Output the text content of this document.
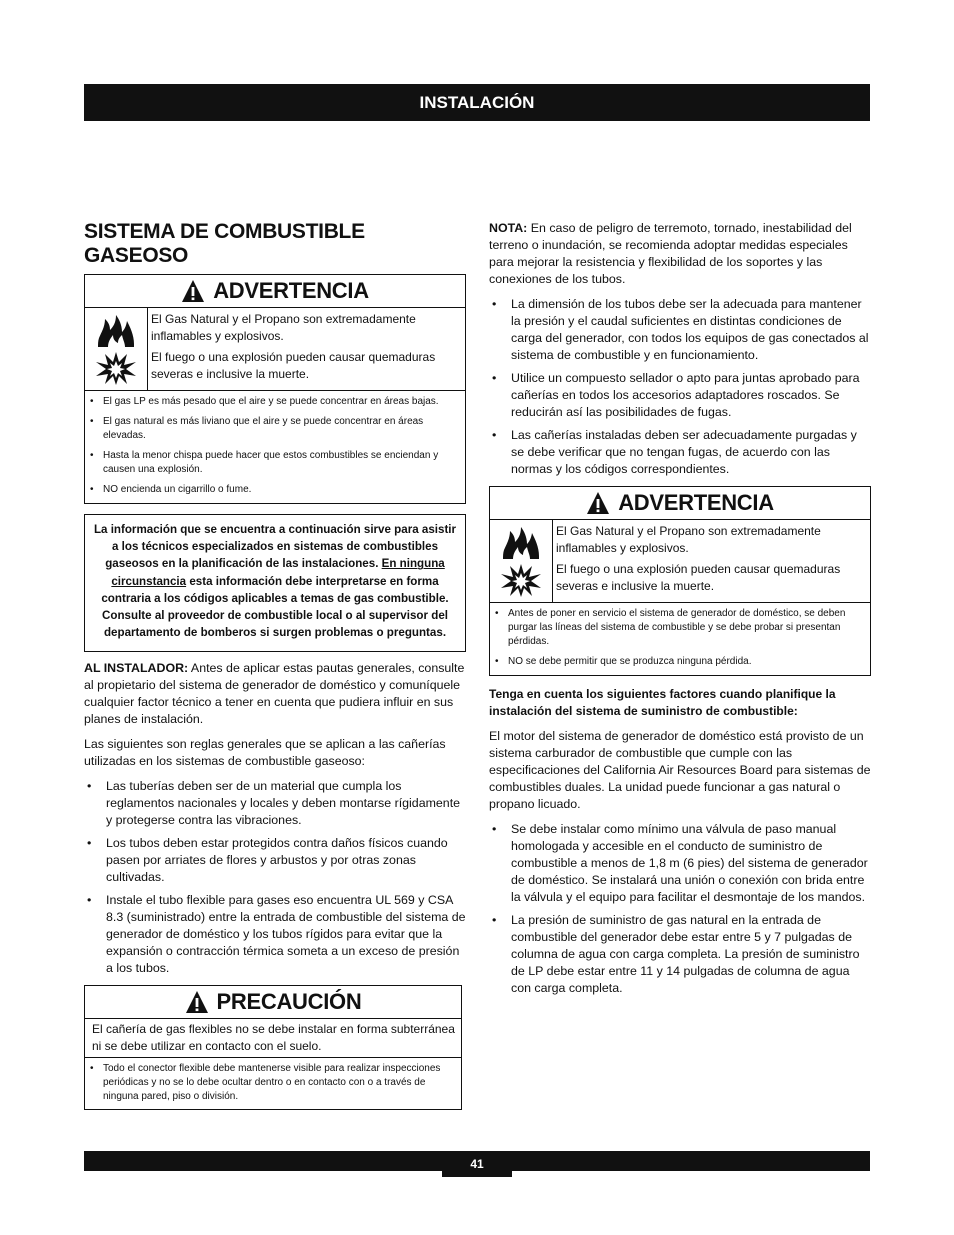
INSTALACIÓN
SISTEMA DE COMBUSTIBLE GASEOSO
ADVERTENCIA

El Gas Natural y el Propano son extremadamente inflamables y explosivos.

El fuego o una explosión pueden causar quemaduras severas e inclusive la muerte.

• El gas LP es más pesado que el aire y se puede concentrar en áreas bajas.
• El gas natural es más liviano que el aire y se puede concentrar en áreas elevadas.
• Hasta la menor chispa puede hacer que estos combustibles se enciendan y causen una explosión.
• NO encienda un cigarrillo o fume.
La información que se encuentra a continuación sirve para asistir a los técnicos especializados en sistemas de combustibles gaseosos en la planificación de las instalaciones. En ninguna circunstancia esta información debe interpretarse en forma contraria a los códigos aplicables a temas de gas combustible. Consulte al proveedor de combustible local o al supervisor del departamento de bomberos si surgen problemas o preguntas.

AL INSTALADOR: Antes de aplicar estas pautas generales, consulte al propietario del sistema de generador de doméstico y comuníquele cualquier factor técnico a tener en cuenta que pudiera influir en sus planes de instalación.

Las siguientes son reglas generales que se aplican a las cañerías utilizadas en los sistemas de combustible gaseoso:

• Las tuberías deben ser de un material que cumpla los reglamentos nacionales y locales y deben montarse rígidamente y protegerse contra las vibraciones.
• Los tubos deben estar protegidos contra daños físicos cuando pasen por arriates de flores y arbustos y por otras zonas cultivadas.
• Instale el tubo flexible para gases eso encuentra UL 569 y CSA 8.3 (suministrado) entre la entrada de combustible del sistema de generador de doméstico y los tubos rígidos para evitar que la expansión o contracción térmica someta a un exceso de presión a los tubos.
PRECAUCIÓN
El cañería de gas flexibles no se debe instalar en forma subterránea ni se debe utilizar en contacto con el suelo.
• Todo el conector flexible debe mantenerse visible para realizar inspecciones periódicas y no se lo debe ocultar dentro o en contacto con o a través de ninguna pared, piso o división.

NOTA: En caso de peligro de terremoto, tornado, inestabilidad del terreno o inundación, se recomienda adoptar medidas especiales para mejorar la resistencia y flexibilidad de los soportes y las conexiones de los tubos.

• La dimensión de los tubos debe ser la adecuada para mantener la presión y el caudal suficientes en distintas condiciones de carga del generador, con todos los equipos de gas conectados al sistema de combustible y en funcionamiento.
• Utilice un compuesto sellador o apto para juntas aprobado para cañerías en todos los accesorios adaptadores roscados. Se reducirán así las posibilidades de fugas.
• Las cañerías instaladas deben ser adecuadamente purgadas y se debe verificar que no tengan fugas, de acuerdo con las normas y los códigos correspondientes.
ADVERTENCIA

El Gas Natural y el Propano son extremadamente inflamables y explosivos.

El fuego o una explosión pueden causar quemaduras severas e inclusive la muerte.

• Antes de poner en servicio el sistema de generador de doméstico, se deben purgar las líneas del sistema de combustible y se debe probar si presentan pérdidas.
• NO se debe permitir que se produzca ninguna pérdida.

Tenga en cuenta los siguientes factores cuando planifique la instalación del sistema de suministro de combustible:

El motor del sistema de generador de doméstico está provisto de un sistema carburador de combustible que cumple con las especificaciones del California Air Resources Board para sistemas de combustibles duales. La unidad puede funcionar a gas natural o propano licuado.

• Se debe instalar como mínimo una válvula de paso manual homologada y accesible en el conducto de suministro de combustible a menos de 1,8 m (6 pies) del sistema de generador de doméstico. Se instalará una unión o conexión con brida entre la válvula y el equipo para facilitar el desmontaje de los mandos.
• La presión de suministro de gas natural en la entrada de combustible del generador debe estar entre 5 y 7 pulgadas de columna de agua con carga completa. La presión de suministro de LP debe estar entre 11 y 14 pulgadas de columna de agua con carga completa.
41
